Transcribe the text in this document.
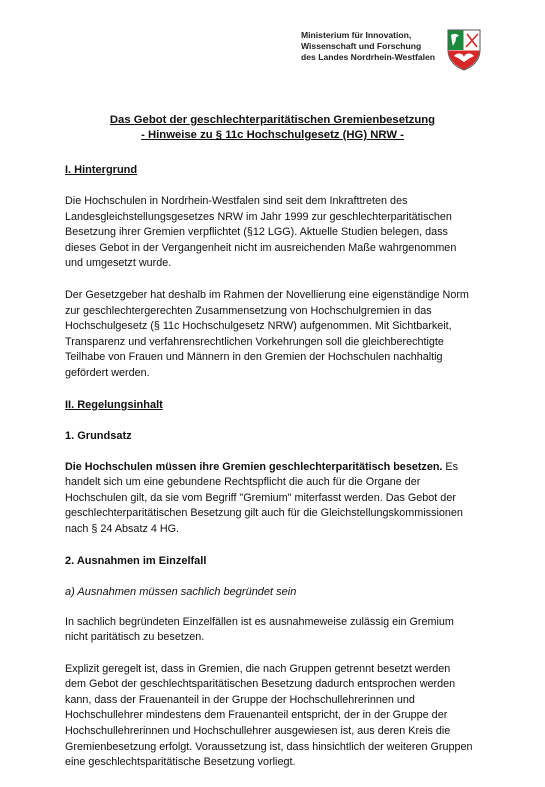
Ministerium für Innovation,
Wissenschaft und Forschung
des Landes Nordrhein-Westfalen
Das Gebot der geschlechterparitätischen Gremienbesetzung
- Hinweise zu § 11c Hochschulgesetz (HG) NRW -
I. Hintergrund
Die Hochschulen in Nordrhein-Westfalen sind seit dem Inkrafttreten des
Landesgleichstellungsgesetzes NRW im Jahr 1999 zur geschlechterparitätischen
Besetzung ihrer Gremien verpflichtet (§12 LGG). Aktuelle Studien belegen, dass
dieses Gebot in der Vergangenheit nicht im ausreichenden Maße wahrgenommen
und umgesetzt wurde.
Der Gesetzgeber hat deshalb im Rahmen der Novellierung eine eigenständige Norm
zur geschlechtergerechten Zusammensetzung von Hochschulgremien in das
Hochschulgesetz (§ 11c Hochschulgesetz NRW) aufgenommen. Mit Sichtbarkeit,
Transparenz und verfahrensrechtlichen Vorkehrungen soll die gleichberechtigte
Teilhabe von Frauen und Männern in den Gremien der Hochschulen nachhaltig
gefördert werden.
II. Regelungsinhalt
1. Grundsatz
Die Hochschulen müssen ihre Gremien geschlechterparitätisch besetzen. Es
handelt sich um eine gebundene Rechtspflicht die auch für die Organe der
Hochschulen gilt, da sie vom Begriff "Gremium" miterfasst werden. Das Gebot der
geschlechterparitätischen Besetzung gilt auch für die Gleichstellungskommissionen
nach § 24 Absatz 4 HG.
2. Ausnahmen im Einzelfall
a) Ausnahmen müssen sachlich begründet sein
In sachlich begründeten Einzelfällen ist es ausnahmeweise zulässig ein Gremium
nicht paritätisch zu besetzen.
Explizit geregelt ist, dass in Gremien, die nach Gruppen getrennt besetzt werden
dem Gebot der geschlechtsparitätischen Besetzung dadurch entsprochen werden
kann, dass der Frauenanteil in der Gruppe der Hochschullehrerinnen und
Hochschullehrer mindestens dem Frauenanteil entspricht, der in der Gruppe der
Hochschullehrerinnen und Hochschullehrer ausgewiesen ist, aus deren Kreis die
Gremienbesetzung erfolgt. Voraussetzung ist, dass hinsichtlich der weiteren Gruppen
eine geschlechtsparitätische Besetzung vorliegt.
